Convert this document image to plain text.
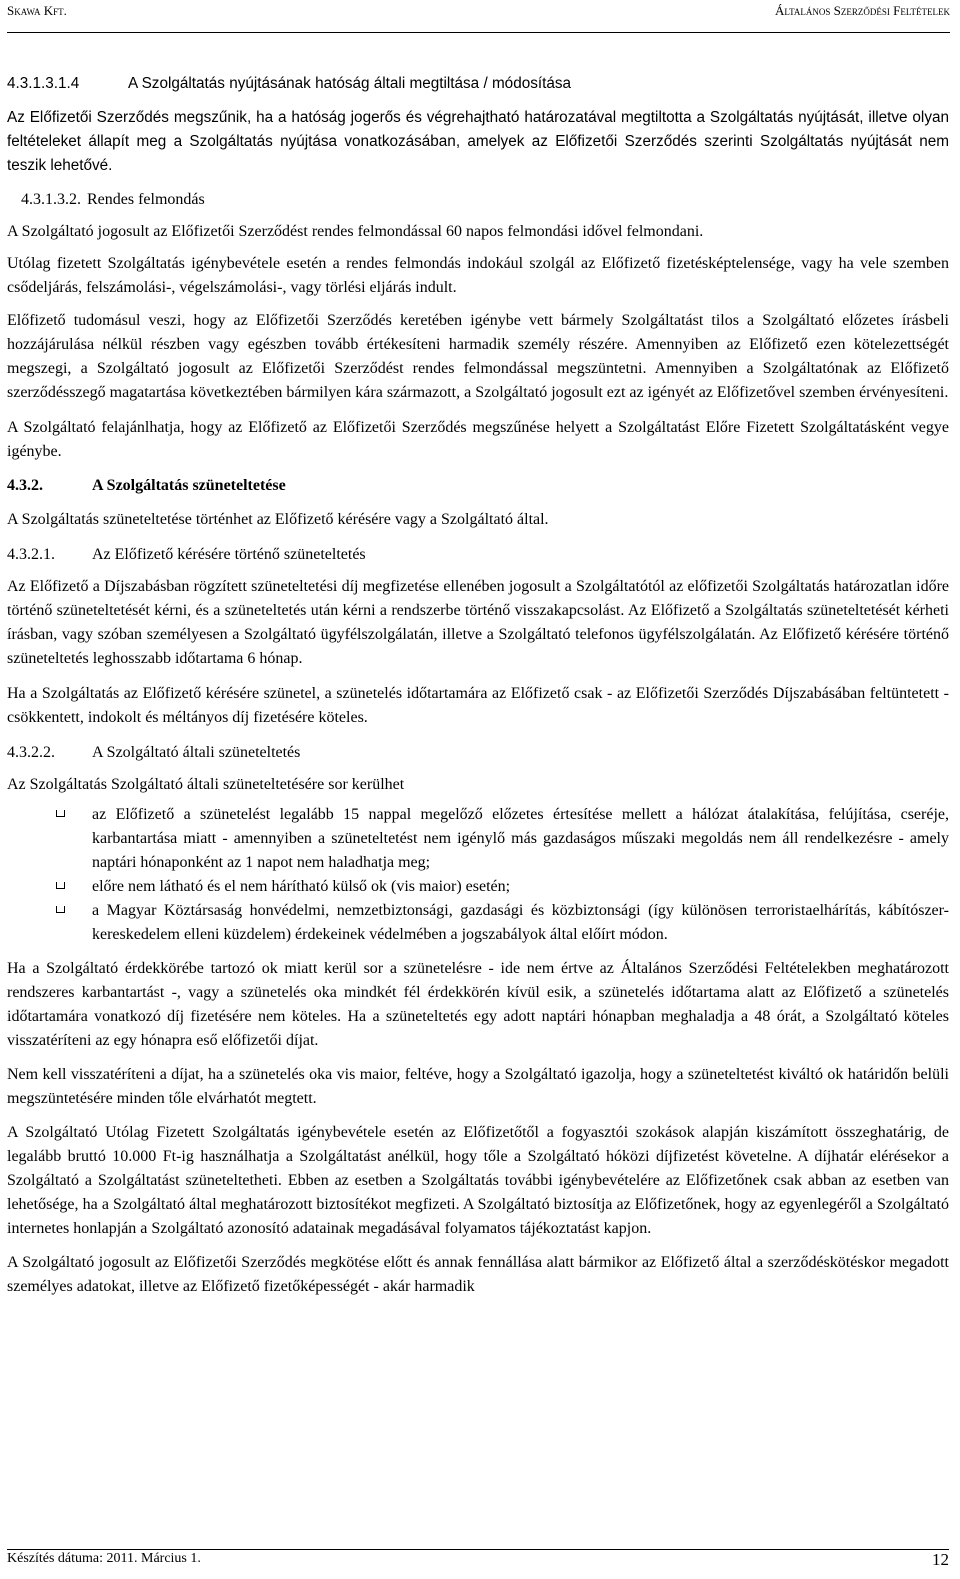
Skawa Kft.	Általános Szerződési Feltételek
4.3.1.3.1.4	A Szolgáltatás nyújtásának hatóság általi megtiltása / módosítása

Az Előfizetői Szerződés megszűnik, ha a hatóság jogerős és végrehajtható határozatával megtiltotta a Szolgáltatás nyújtását, illetve olyan feltételeket állapít meg a Szolgáltatás nyújtása vonatkozásában, amelyek az Előfizetői Szerződés szerinti Szolgáltatás nyújtását nem teszik lehetővé.

4.3.1.3.2. Rendes felmondás

A Szolgáltató jogosult az Előfizetői Szerződést rendes felmondással 60 napos felmondási idővel felmondani.

Utólag fizetett Szolgáltatás igénybevétele esetén a rendes felmondás indokául szolgál az Előfizető fizetésképtelensége, vagy ha vele szemben csődeljárás, felszámolási-, végelszámolási-, vagy törlési eljárás indult.

Előfizető tudomásul veszi, hogy az Előfizetői Szerződés keretében igénybe vett bármely Szolgáltatást tilos a Szolgáltató előzetes írásbeli hozzájárulása nélkül részben vagy egészben tovább értékesíteni harmadik személy részére. Amennyiben az Előfizető ezen kötelezettségét megszegi, a Szolgáltató jogosult az Előfizetői Szerződést rendes felmondással megszüntetni. Amennyiben a Szolgáltatónak az Előfizető szerződésszegő magatartása következtében bármilyen kára származott, a Szolgáltató jogosult ezt az igényét az Előfizetővel szemben érvényesíteni.

A Szolgáltató felajánlhatja, hogy az Előfizető az Előfizetői Szerződés megszűnése helyett a Szolgáltatást Előre Fizetett Szolgáltatásként vegye igénybe.

4.3.2.	A Szolgáltatás szüneteltetése

A Szolgáltatás szüneteltetése történhet az Előfizető kérésére vagy a Szolgáltató által.

4.3.2.1. Az Előfizető kérésére történő szüneteltetés

Az Előfizető a Díjszabásban rögzített szüneteltetési díj megfizetése ellenében jogosult a Szolgáltatótól az előfizetői Szolgáltatás határozatlan időre történő szüneteltetését kérni, és a szüneteltetés után kérni a rendszerbe történő visszakapcsolást. Az Előfizető a Szolgáltatás szüneteltetését kérheti írásban, vagy szóban személyesen a Szolgáltató ügyfélszolgálatán, illetve a Szolgáltató telefonos ügyfélszolgálatán. Az Előfizető kérésére történő szüneteltetés leghosszabb időtartama 6 hónap.

Ha a Szolgáltatás az Előfizető kérésére szünetel, a szünetelés időtartamára az Előfizető csak - az Előfizetői Szerződés Díjszabásában feltüntetett - csökkentett, indokolt és méltányos díj fizetésére köteles.

4.3.2.2. A Szolgáltató általi szüneteltetés

Az Szolgáltatás Szolgáltató általi szüneteltetésére sor kerülhet

az Előfizető a szünetelést legalább 15 nappal megelőző előzetes értesítése mellett a hálózat átalakítása, felújítása, cseréje, karbantartása miatt - amennyiben a szüneteltetést nem igénylő más gazdaságos műszaki megoldás nem áll rendelkezésre - amely naptári hónaponként az 1 napot nem haladhatja meg;
előre nem látható és el nem hárítható külső ok (vis maior) esetén;
a Magyar Köztársaság honvédelmi, nemzetbiztonsági, gazdasági és közbiztonsági (így különösen terroristaelhárítás, kábítószer-kereskedelem elleni küzdelem) érdekeinek védelmében a jogszabályok által előírt módon.

Ha a Szolgáltató érdekkörébe tartozó ok miatt kerül sor a szünetelésre - ide nem értve az Általános Szerződési Feltételekben meghatározott rendszeres karbantartást -, vagy a szünetelés oka mindkét fél érdekkörén kívül esik, a szünetelés időtartama alatt az Előfizető a szünetelés időtartamára vonatkozó díj fizetésére nem köteles. Ha a szüneteltetés egy adott naptári hónapban meghaladja a 48 órát, a Szolgáltató köteles visszatéríteni az egy hónapra eső előfizetői díjat.

Nem kell visszatéríteni a díjat, ha a szünetelés oka vis maior, feltéve, hogy a Szolgáltató igazolja, hogy a szüneteltetést kiváltó ok határidőn belüli megszüntetésére minden tőle elvárhatót megtett.

A Szolgáltató Utólag Fizetett Szolgáltatás igénybevétele esetén az Előfizetőtől a fogyasztói szokások alapján kiszámított összeghatárig, de legalább bruttó 10.000 Ft-ig használhatja a Szolgáltatást anélkül, hogy tőle a Szolgáltató hóközi díjfizetést követelne. A díjhatár elérésekor a Szolgáltató a Szolgáltatást szüneteltetheti. Ebben az esetben a Szolgáltatás további igénybevételére az Előfizetőnek csak abban az esetben van lehetősége, ha a Szolgáltató által meghatározott biztosítékot megfizeti. A Szolgáltató biztosítja az Előfizetőnek, hogy az egyenlegéről a Szolgáltató internetes honlapján a Szolgáltató azonosító adatainak megadásával folyamatos tájékoztatást kapjon.

A Szolgáltató jogosult az Előfizetői Szerződés megkötése előtt és annak fennállása alatt bármikor az Előfizető által a szerződéskötéskor megadott személyes adatokat, illetve az Előfizető fizetőképességét - akár harmadik

Készítés dátuma: 2011. Március 1.	12
